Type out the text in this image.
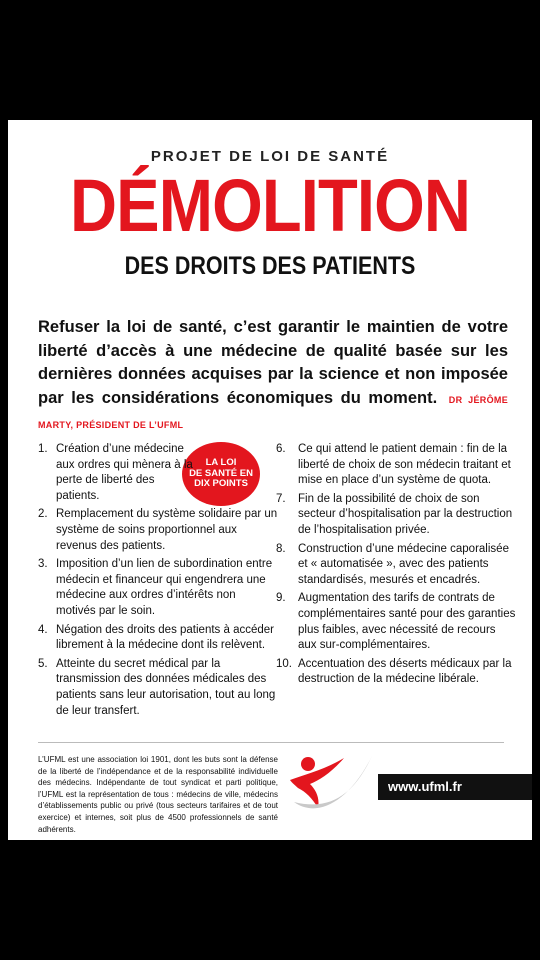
PROJET DE LOI DE SANTÉ
DÉMOLITION
DES DROITS DES PATIENTS
Refuser la loi de santé, c’est garantir le maintien de votre liberté d’accès à une médecine de qualité basée sur les dernières données acquises par la science et non imposée par les considérations économiques du moment. DR JÉRÔME MARTY, PRÉSIDENT DE L’UFML
LA LOI
DE SANTÉ EN
DIX POINTS
1. Création d’une médecine aux ordres qui mènera à la perte de liberté des patients.
2. Remplacement du système solidaire par un système de soins proportionnel aux revenus des patients.
3. Imposition d’un lien de subordination entre médecin et financeur qui engendrera une médecine aux ordres d’intérêts non motivés par le soin.
4. Négation des droits des patients à accéder librement à la médecine dont ils relèvent.
5. Atteinte du secret médical par la transmission des données médicales des patients sans leur autorisation, tout au long de leur transfert.
6.	Ce qui attend le patient demain : fin de la liberté de choix de son médecin traitant et mise en place d’un système de quota.
7.	Fin de la possibilité de choix de son secteur d’hospitalisation par la destruction de l’hospitalisation privée.
8.	Construction d’une médecine caporalisée et « automatisée », avec des patients standardisés, mesurés et encadrés.
9.	Augmentation des tarifs de contrats de complémentaires santé pour des garanties plus faibles, avec nécessité de recours aux sur-complémentaires.
10. Accentuation des déserts médicaux par la destruction de la médecine libérale.
L’UFML est une association loi 1901, dont les buts sont la défense de la liberté de l’indépendance et de la responsabilité individuelle des médecins. Indépendante de tout syndicat et parti politique, l’UFML est la représentation de tous : médecins de ville, médecins d’établissements public ou privé (tous secteurs tarifaires et de tout exercice) et internes, soit plus de 4500 professionnels de santé adhérents.
www.ufml.fr
